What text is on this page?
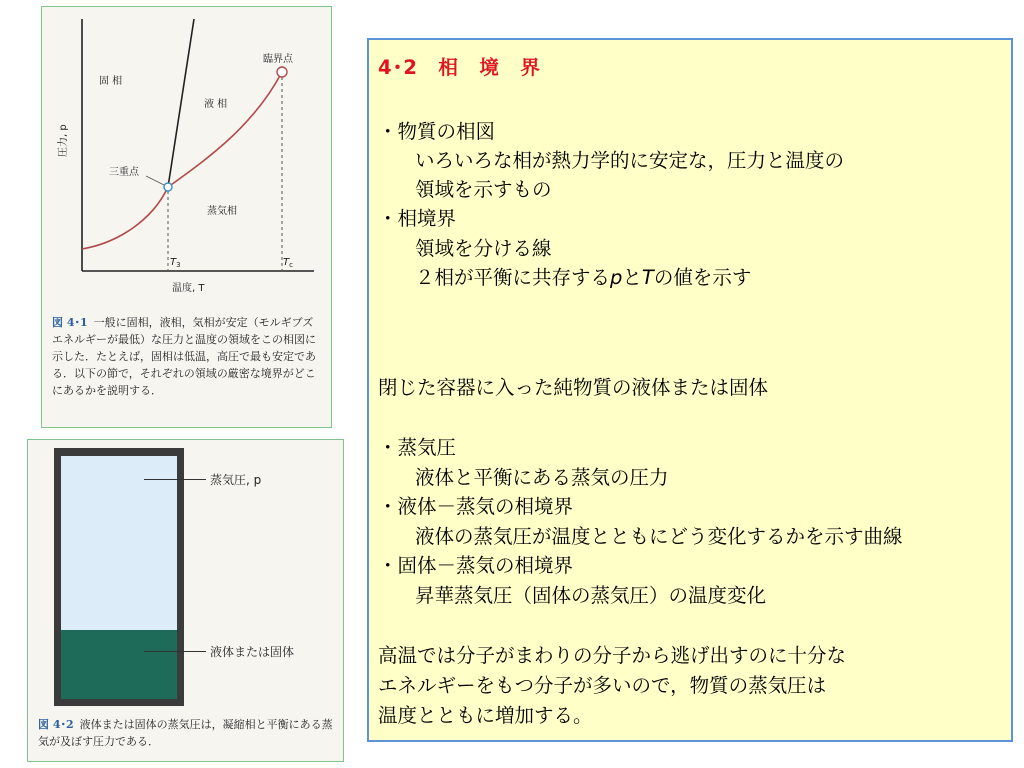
固 相
液 相
蒸気相
臨界点
三重点
$T_3$	$T_c$
温度, T
圧力, p
図 4･1 一般に固相，液相，気相が安定（モルギブズエネルギーが最低）な圧力と温度の領域をこの相図に示した．たとえば，固相は低温，高圧で最も安定である．以下の節で，それぞれの領域の厳密な境界がどこにあるかを説明する．
蒸気圧, p
液体または固体
図 4･2 液体または固体の蒸気圧は，凝縮相と平衡にある蒸気が及ぼす圧力である．
4･2　相　境　界
・物質の相図
いろいろな相が熱力学的に安定な，圧力と温度の
領域を示すもの
・相境界
領域を分ける線
２相が平衡に共存するpとTの値を示す
閉じた容器に入った純物質の液体または固体
・蒸気圧
液体と平衡にある蒸気の圧力
・液体－蒸気の相境界
液体の蒸気圧が温度とともにどう変化するかを示す曲線
・固体－蒸気の相境界
昇華蒸気圧（固体の蒸気圧）の温度変化
高温では分子がまわりの分子から逃げ出すのに十分な
エネルギーをもつ分子が多いので，物質の蒸気圧は
温度とともに増加する。
